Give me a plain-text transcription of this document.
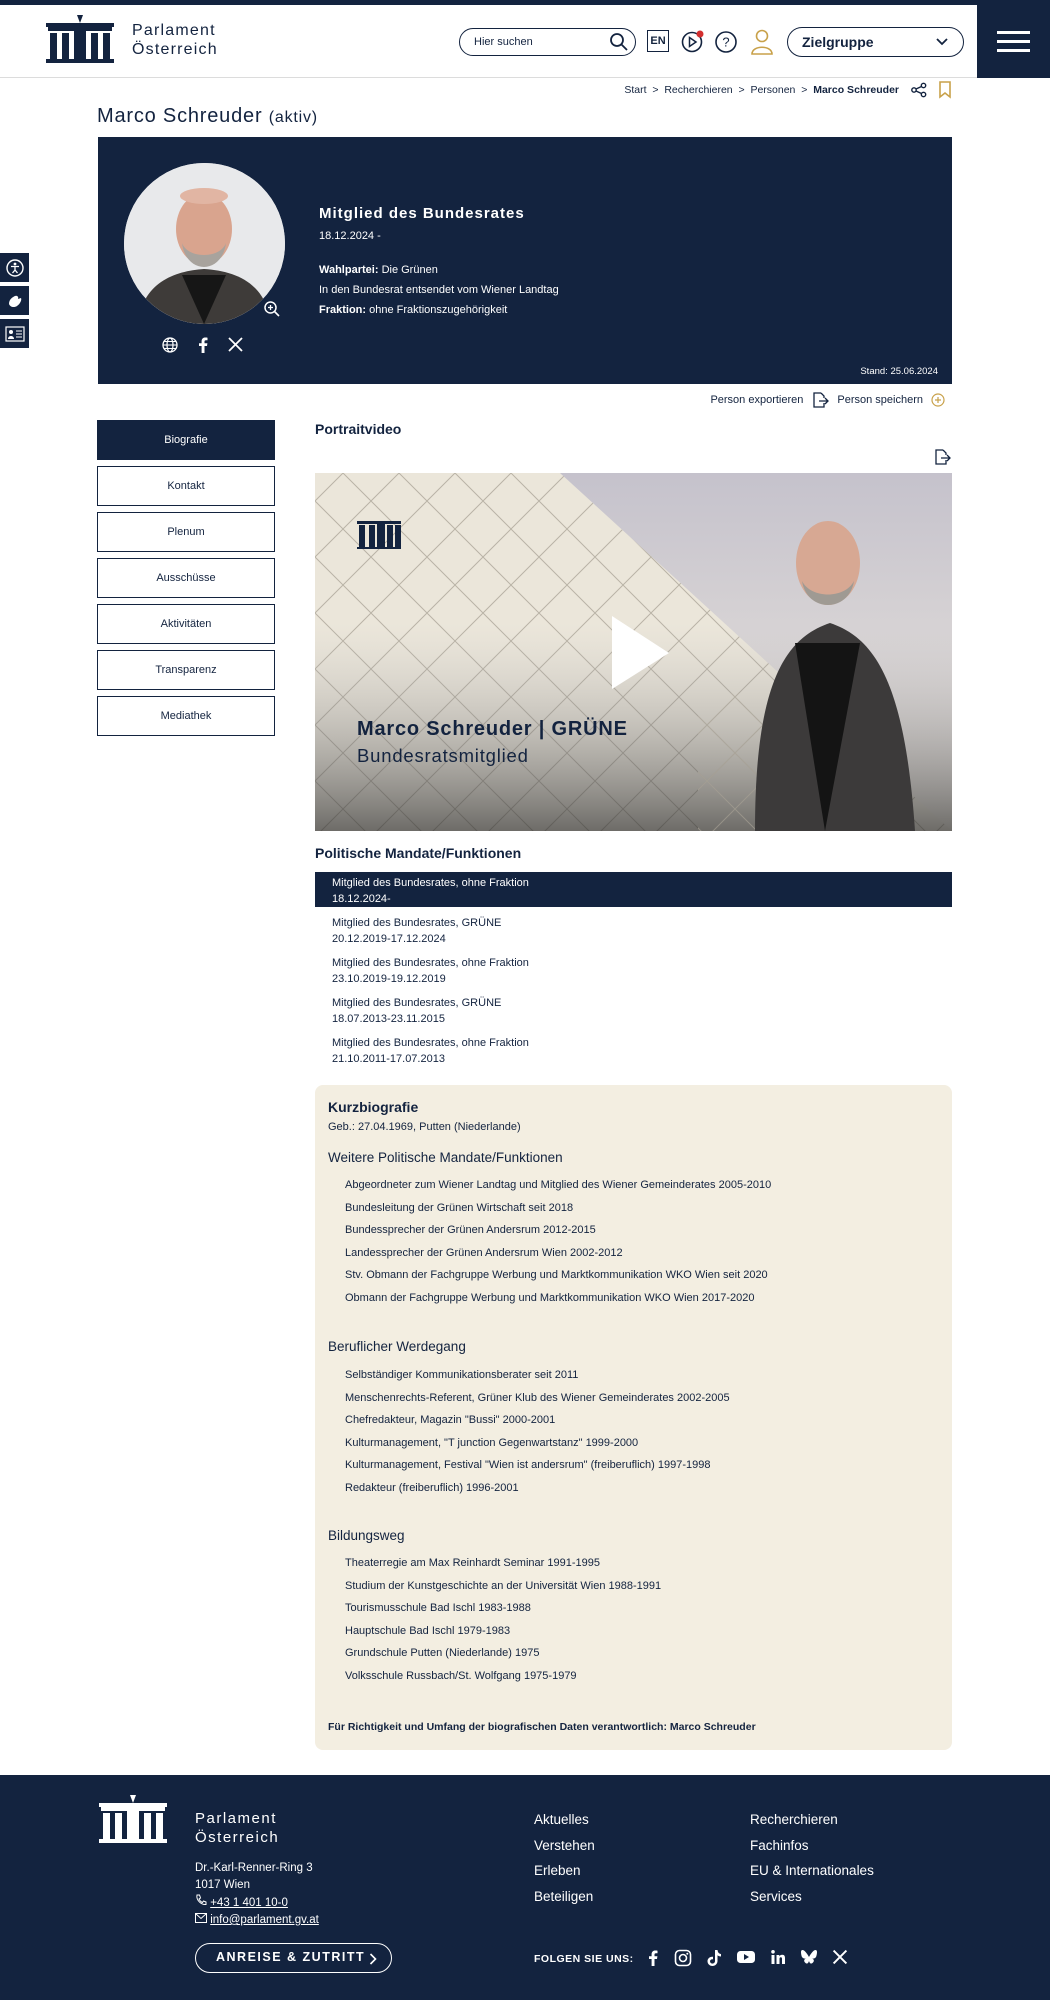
Parlament
Österreich
Hier suchen	EN	?	Zielgruppe
Start  >  Recherchieren  >  Personen  >  Marco Schreuder
Marco Schreuder (aktiv)
Mitglied des Bundesrates
18.12.2024 -
Wahlpartei: Die Grünen
In den Bundesrat entsendet vom Wiener Landtag
Fraktion: ohne Fraktionszugehörigkeit
Stand: 25.06.2024
Person exportieren	Person speichern
Biografie
Kontakt
Plenum
Ausschüsse
Aktivitäten
Transparenz
Mediathek
Portraitvideo
Marco Schreuder | GRÜNE
Bundesratsmitglied
Politische Mandate/Funktionen
Mitglied des Bundesrates, ohne Fraktion
18.12.2024-
Mitglied des Bundesrates, GRÜNE
20.12.2019-17.12.2024
Mitglied des Bundesrates, ohne Fraktion
23.10.2019-19.12.2019
Mitglied des Bundesrates, GRÜNE
18.07.2013-23.11.2015
Mitglied des Bundesrates, ohne Fraktion
21.10.2011-17.07.2013
Kurzbiografie
Geb.: 27.04.1969, Putten (Niederlande)
Weitere Politische Mandate/Funktionen
Abgeordneter zum Wiener Landtag und Mitglied des Wiener Gemeinderates 2005-2010
Bundesleitung der Grünen Wirtschaft seit 2018
Bundessprecher der Grünen Andersrum 2012-2015
Landessprecher der Grünen Andersrum Wien 2002-2012
Stv. Obmann der Fachgruppe Werbung und Marktkommunikation WKO Wien seit 2020
Obmann der Fachgruppe Werbung und Marktkommunikation WKO Wien 2017-2020
Beruflicher Werdegang
Selbständiger Kommunikationsberater seit 2011
Menschenrechts-Referent, Grüner Klub des Wiener Gemeinderates 2002-2005
Chefredakteur, Magazin "Bussi" 2000-2001
Kulturmanagement, "T junction Gegenwartstanz" 1999-2000
Kulturmanagement, Festival "Wien ist andersrum" (freiberuflich) 1997-1998
Redakteur (freiberuflich) 1996-2001
Bildungsweg
Theaterregie am Max Reinhardt Seminar 1991-1995
Studium der Kunstgeschichte an der Universität Wien 1988-1991
Tourismusschule Bad Ischl 1983-1988
Hauptschule Bad Ischl 1979-1983
Grundschule Putten (Niederlande) 1975
Volksschule Russbach/St. Wolfgang 1975-1979
Für Richtigkeit und Umfang der biografischen Daten verantwortlich: Marco Schreuder
Parlament
Österreich
Dr.-Karl-Renner-Ring 3
1017 Wien
+43 1 401 10-0
info@parlament.gv.at
Aktuelles
Verstehen
Erleben
Beteiligen
Recherchieren
Fachinfos
EU & Internationales
Services
ANREISE & ZUTRITT	FOLGEN SIE UNS:
